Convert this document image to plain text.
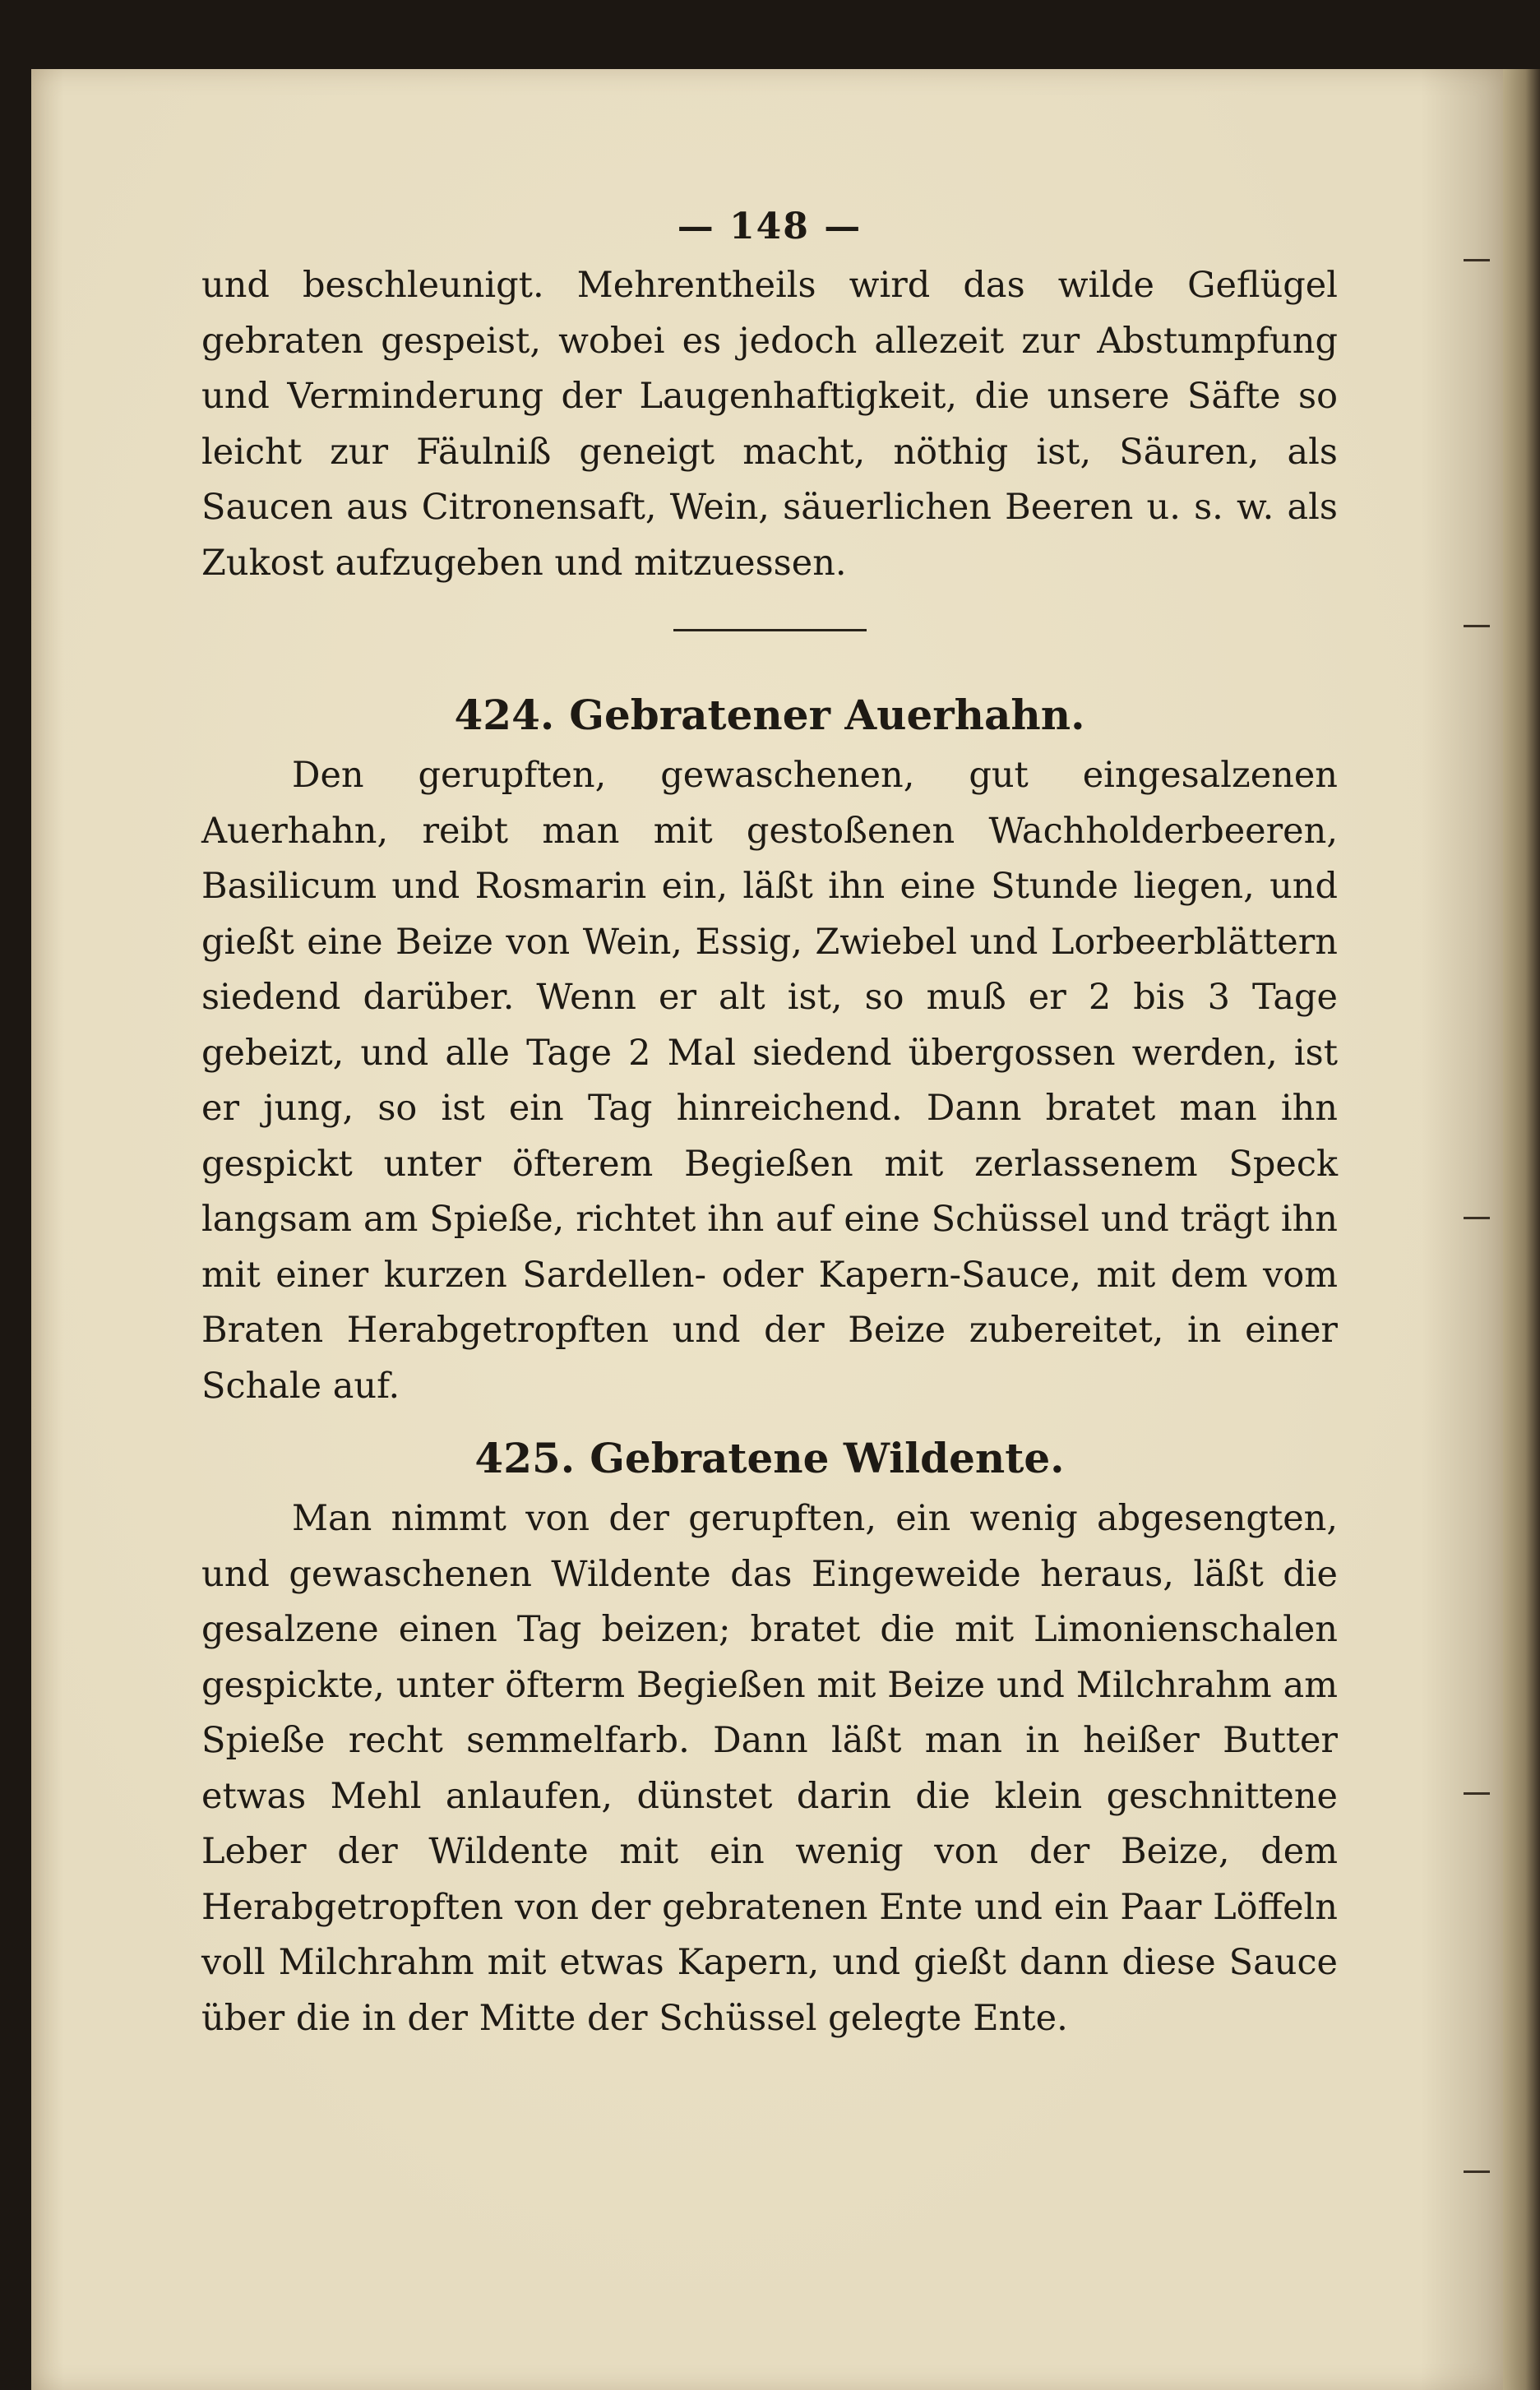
— 148 —

und beschleunigt. Mehrentheils wird das wilde Geflügel gebraten gespeist, wobei es jedoch allezeit zur Abstumpfung und Verminderung der Laugenhaftigkeit, die unsere Säfte so leicht zur Fäulniß geneigt macht, nöthig ist, Säuren, als Saucen aus Citronensaft, Wein, säuerlichen Beeren u. s. w. als Zukost aufzugeben und mitzuessen.

424. Gebratener Auerhahn.

Den gerupften, gewaschenen, gut eingesalzenen Auerhahn, reibt man mit gestoßenen Wachholderbeeren, Basilicum und Rosmarin ein, läßt ihn eine Stunde liegen, und gießt eine Beize von Wein, Essig, Zwiebel und Lorbeerblättern siedend darüber. Wenn er alt ist, so muß er 2 bis 3 Tage gebeizt, und alle Tage 2 Mal siedend übergossen werden, ist er jung, so ist ein Tag hinreichend. Dann bratet man ihn gespickt unter öfterem Begießen mit zerlassenem Speck langsam am Spieße, richtet ihn auf eine Schüssel und trägt ihn mit einer kurzen Sardellen- oder Kapern-Sauce, mit dem vom Braten Herabgetropften und der Beize zubereitet, in einer Schale auf.

425. Gebratene Wildente.

Man nimmt von der gerupften, ein wenig abgesengten, und gewaschenen Wildente das Eingeweide heraus, läßt die gesalzene einen Tag beizen; bratet die mit Limonienschalen gespickte, unter öfterm Begießen mit Beize und Milchrahm am Spieße recht semmelfarb. Dann läßt man in heißer Butter etwas Mehl anlaufen, dünstet darin die klein geschnittene Leber der Wildente mit ein wenig von der Beize, dem Herabgetropften von der gebratenen Ente und ein Paar Löffeln voll Milchrahm mit etwas Kapern, und gießt dann diese Sauce über die in der Mitte der Schüssel gelegte Ente.
